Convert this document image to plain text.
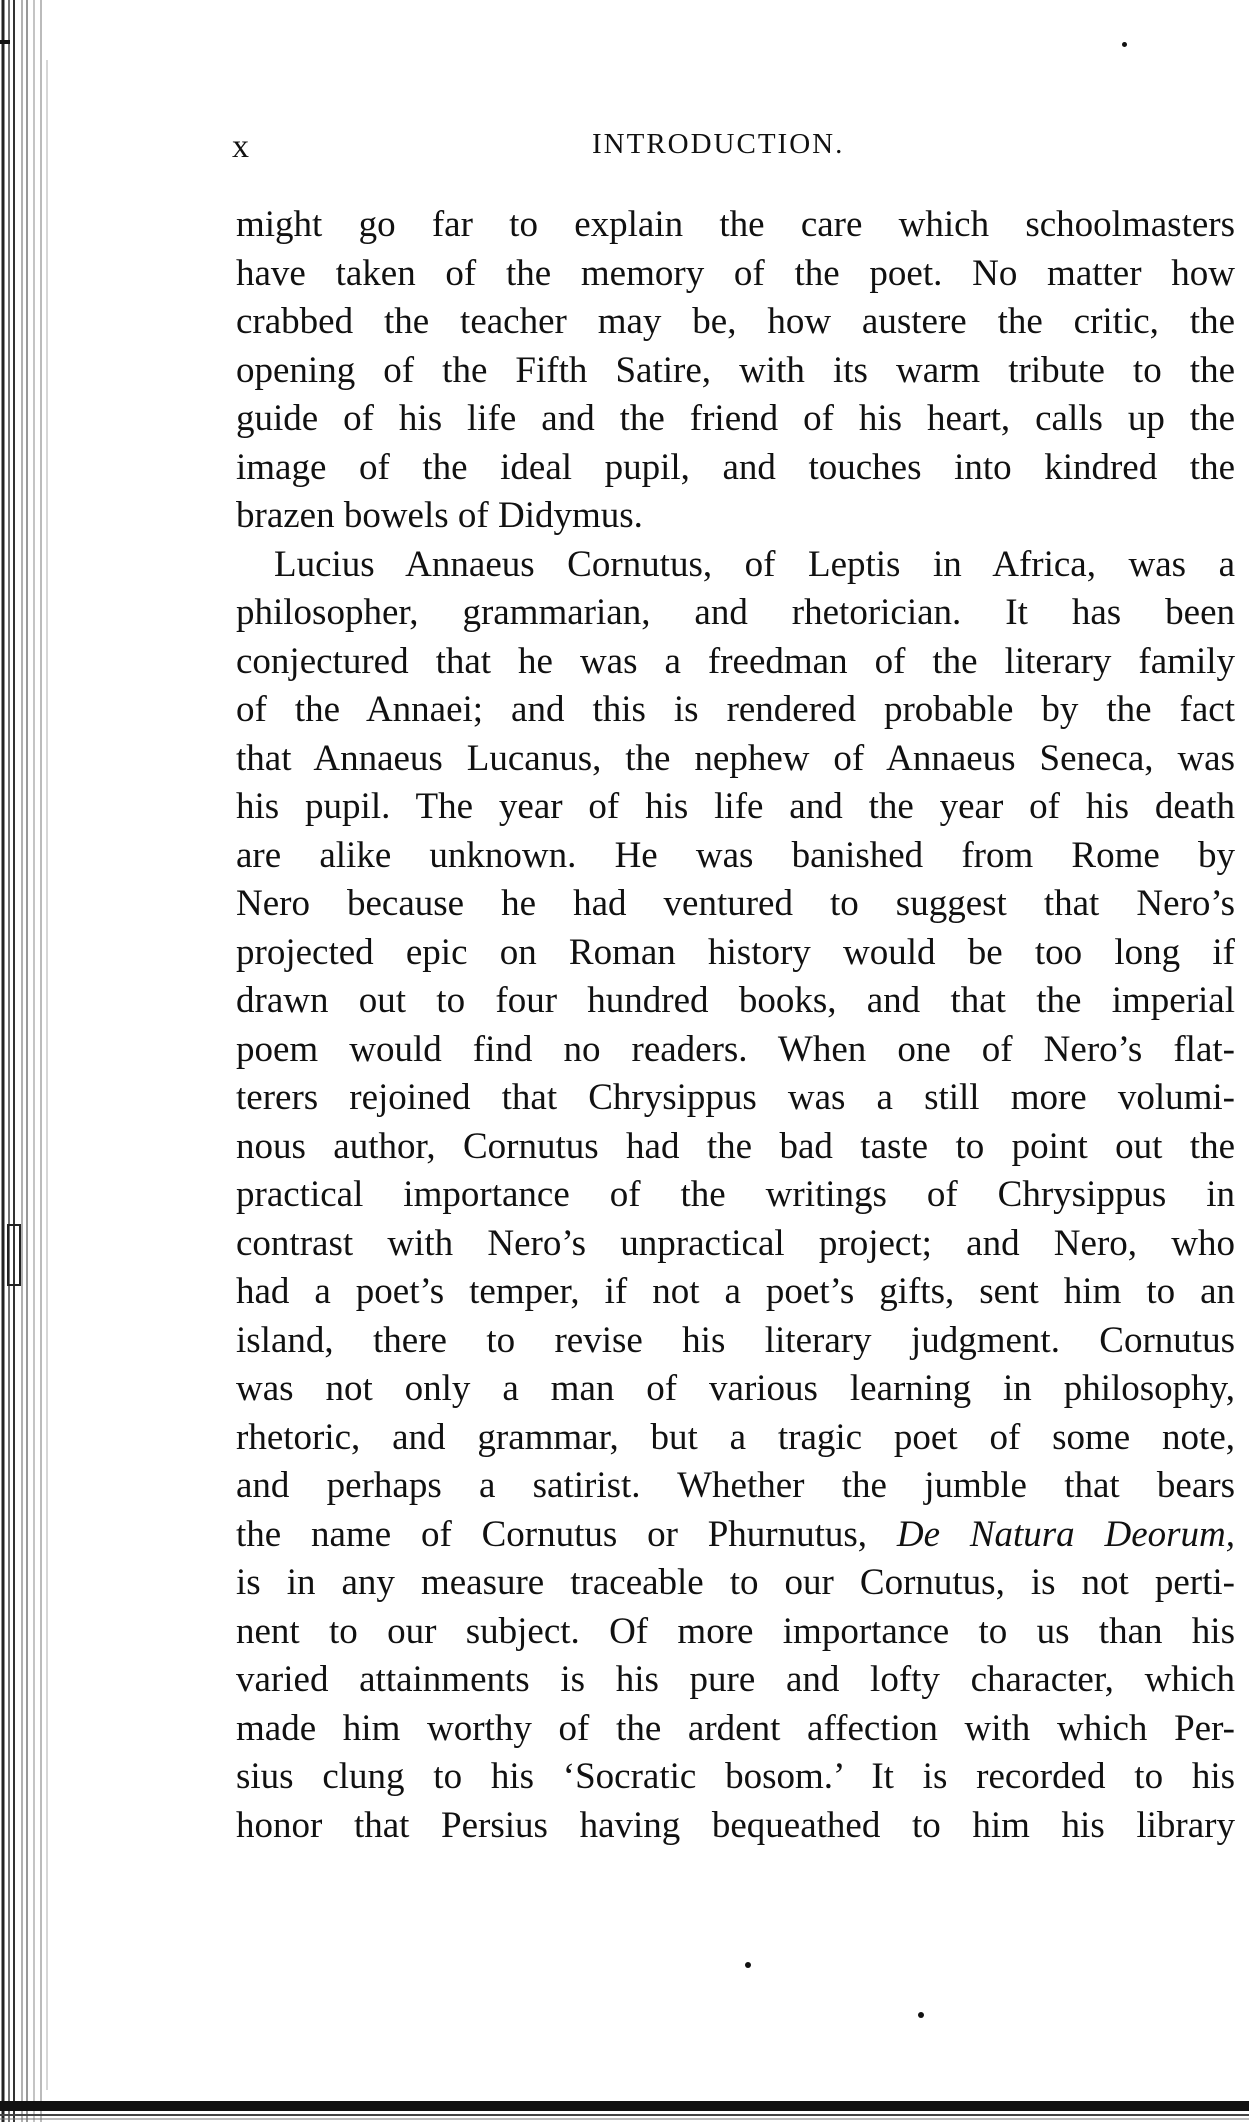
x	INTRODUCTION.
might go far to explain the care which schoolmasters
have taken of the memory of the poet. No matter how
crabbed the teacher may be, how austere the critic, the
opening of the Fifth Satire, with its warm tribute to the
guide of his life and the friend of his heart, calls up the
image of the ideal pupil, and touches into kindred the
brazen bowels of Didymus.
Lucius Annaeus Cornutus, of Leptis in Africa, was a
philosopher, grammarian, and rhetorician. It has been
conjectured that he was a freedman of the literary family
of the Annaei; and this is rendered probable by the fact
that Annaeus Lucanus, the nephew of Annaeus Seneca, was
his pupil. The year of his life and the year of his death
are alike unknown. He was banished from Rome by
Nero because he had ventured to suggest that Nero’s
projected epic on Roman history would be too long if
drawn out to four hundred books, and that the imperial
poem would find no readers. When one of Nero’s flat-
terers rejoined that Chrysippus was a still more volumi-
nous author, Cornutus had the bad taste to point out the
practical importance of the writings of Chrysippus in
contrast with Nero’s unpractical project; and Nero, who
had a poet’s temper, if not a poet’s gifts, sent him to an
island, there to revise his literary judgment. Cornutus
was not only a man of various learning in philosophy,
rhetoric, and grammar, but a tragic poet of some note,
and perhaps a satirist. Whether the jumble that bears
the name of Cornutus or Phurnutus, De Natura Deorum,
is in any measure traceable to our Cornutus, is not perti-
nent to our subject. Of more importance to us than his
varied attainments is his pure and lofty character, which
made him worthy of the ardent affection with which Per-
sius clung to his ‘Socratic bosom.’ It is recorded to his
honor that Persius having bequeathed to him his library
